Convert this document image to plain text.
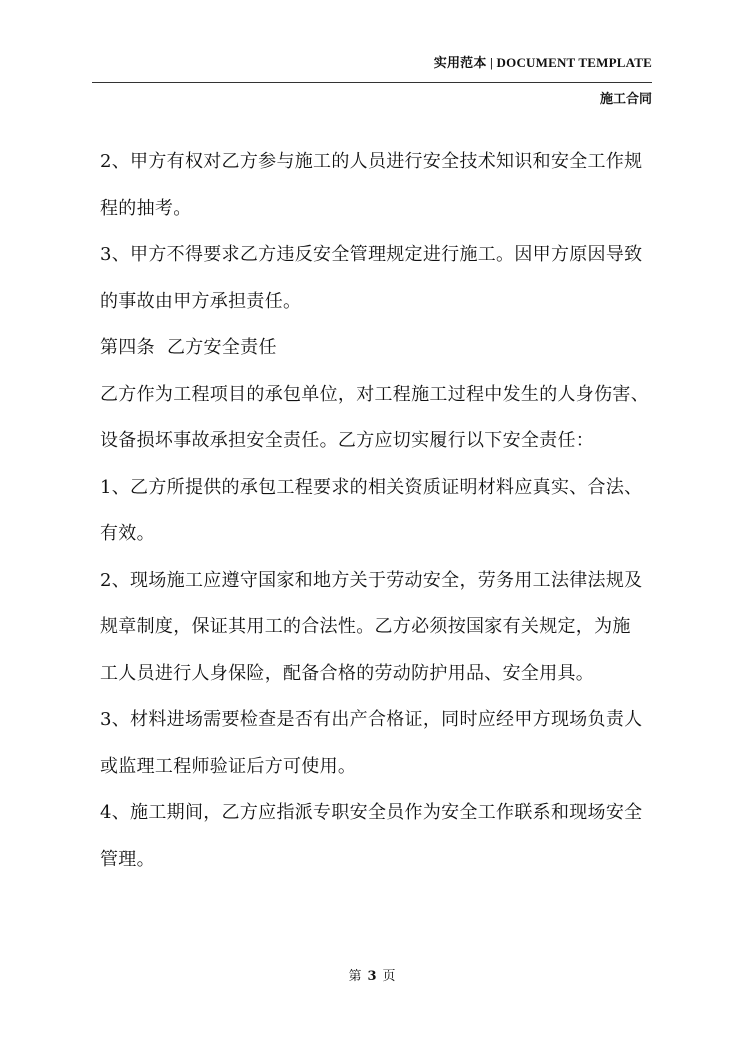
实用范本 | DOCUMENT TEMPLATE
施工合同

2、甲方有权对乙方参与施工的人员进行安全技术知识和安全工作规

程的抽考。

3、甲方不得要求乙方违反安全管理规定进行施工。因甲方原因导致

的事故由甲方承担责任。

第四条  乙方安全责任

乙方作为工程项目的承包单位，对工程施工过程中发生的人身伤害、

设备损坏事故承担安全责任。乙方应切实履行以下安全责任：

1、乙方所提供的承包工程要求的相关资质证明材料应真实、合法、

有效。

2、现场施工应遵守国家和地方关于劳动安全，劳务用工法律法规及

规章制度，保证其用工的合法性。乙方必须按国家有关规定，为施

工人员进行人身保险，配备合格的劳动防护用品、安全用具。

3、材料进场需要检查是否有出产合格证，同时应经甲方现场负责人

或监理工程师验证后方可使用。

4、施工期间，乙方应指派专职安全员作为安全工作联系和现场安全

管理。

第 3 页
